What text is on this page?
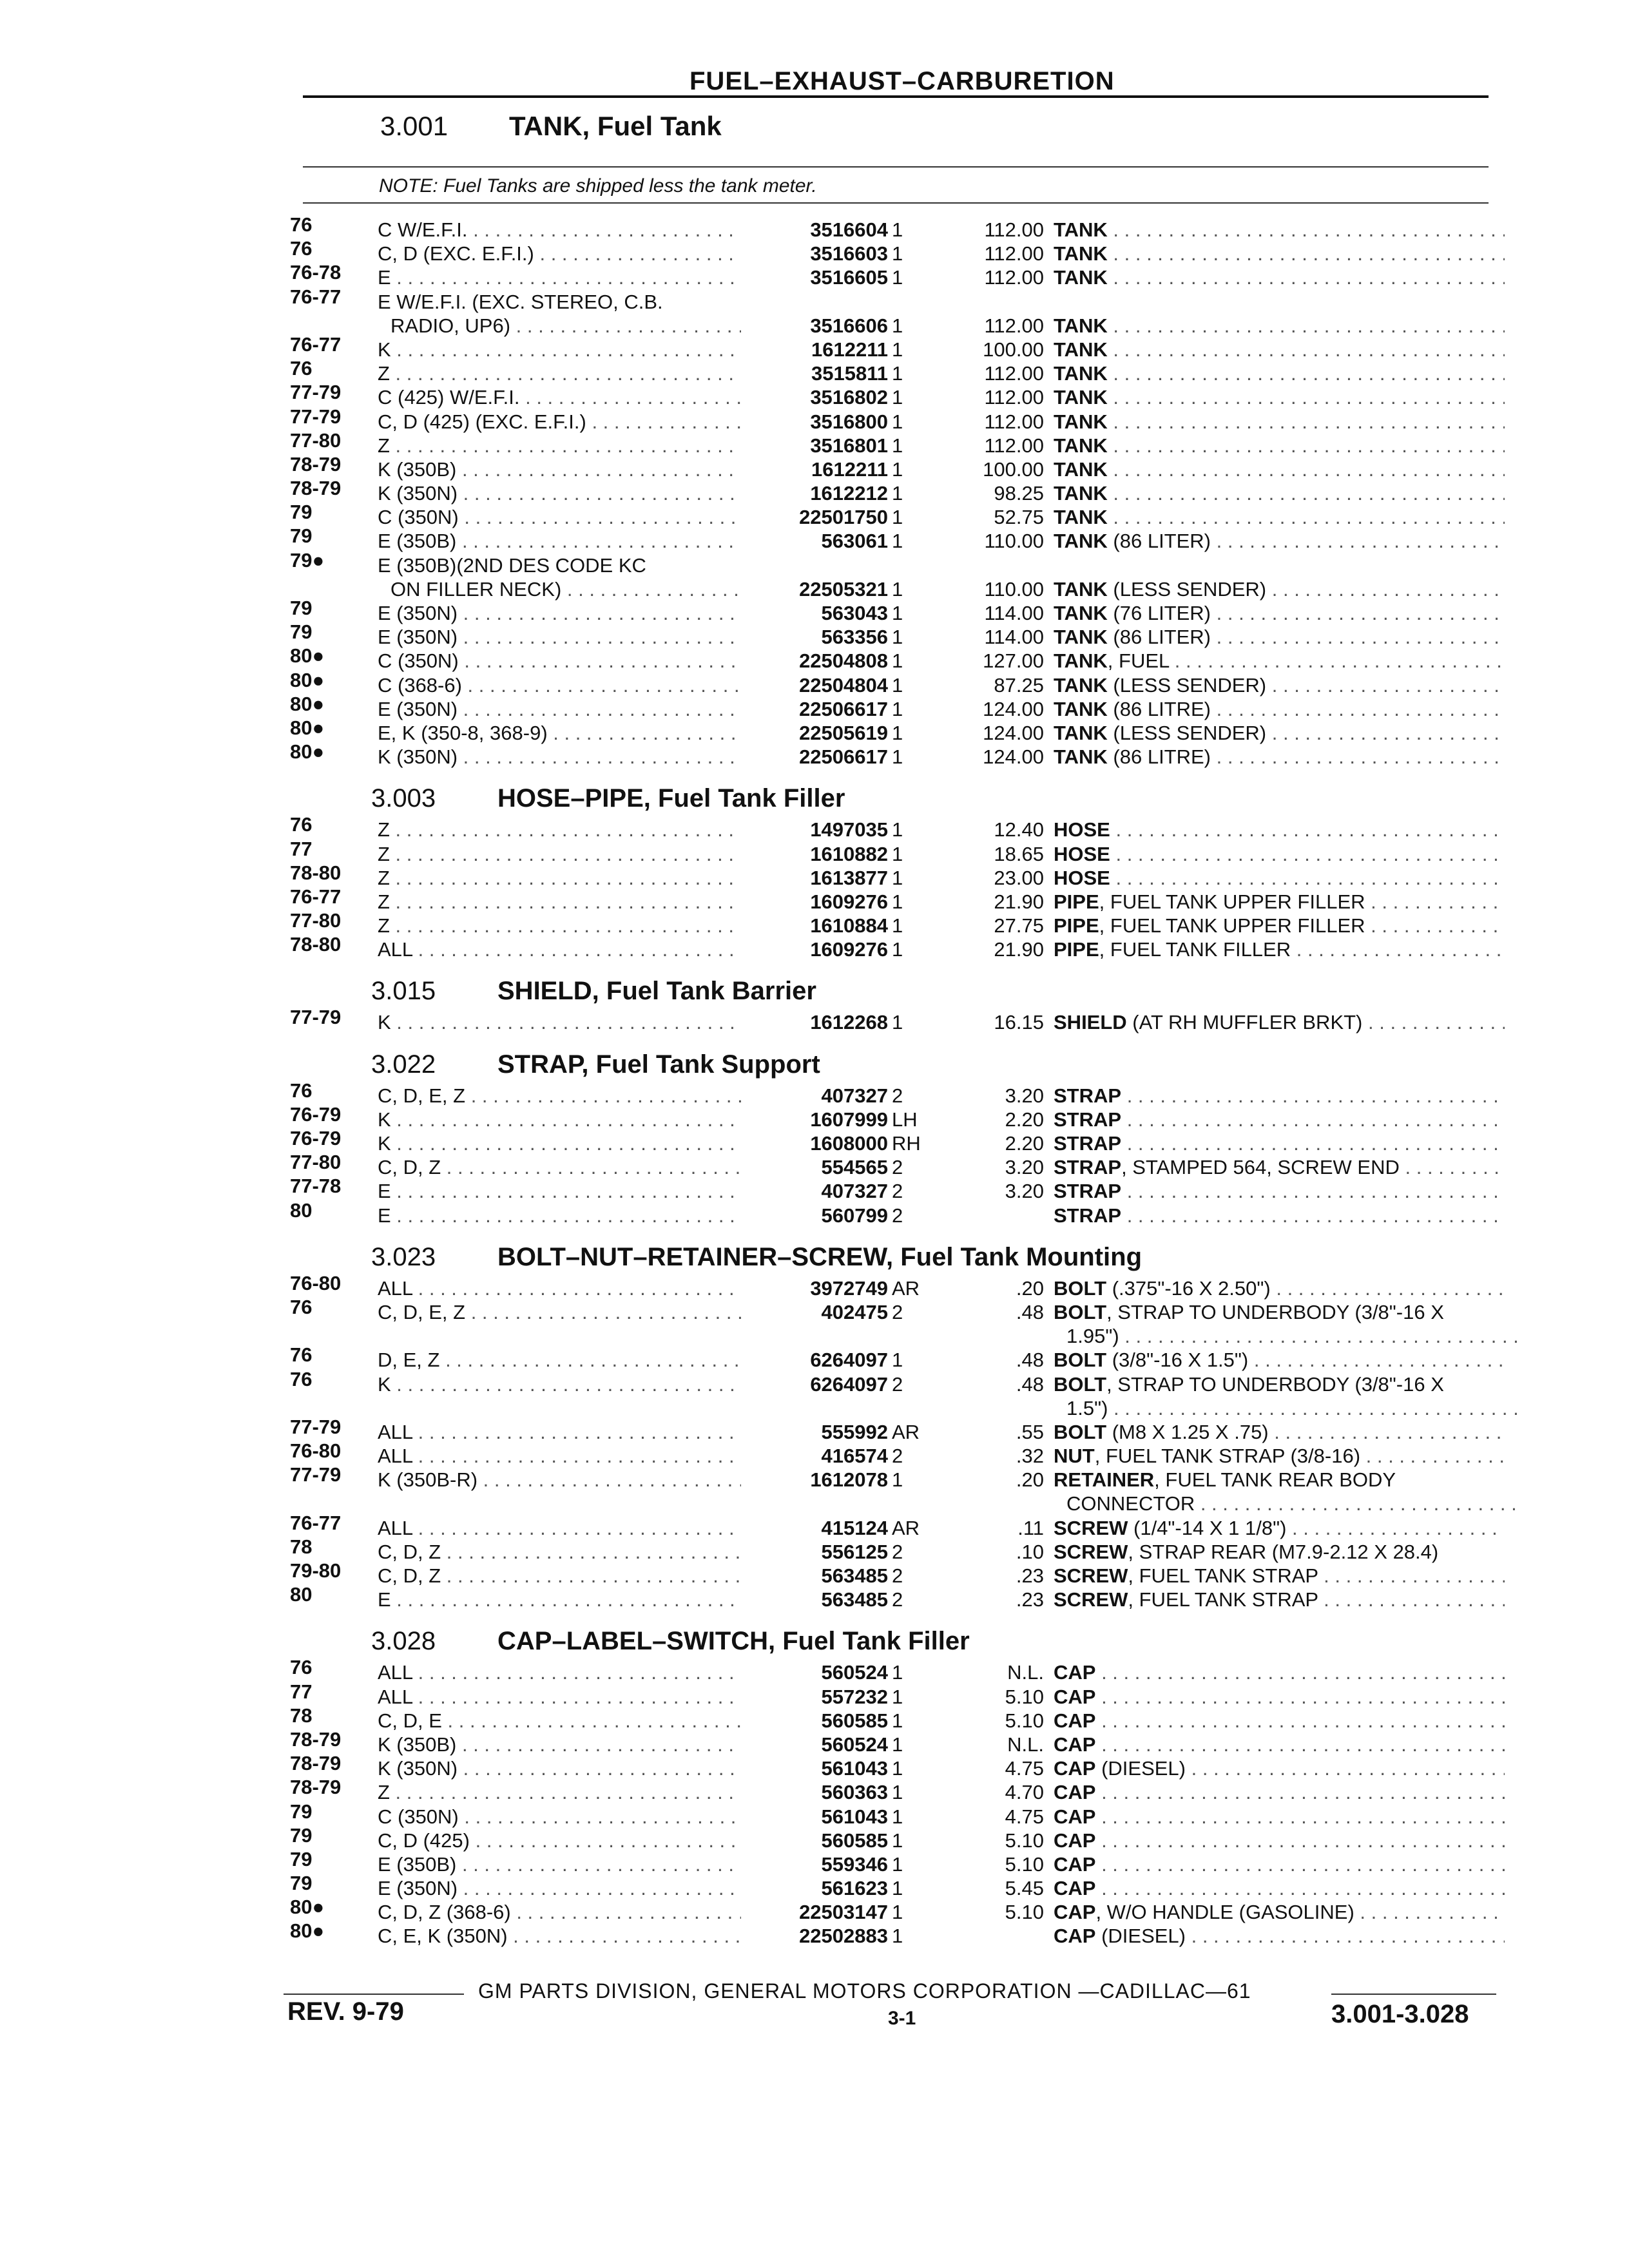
FUEL–EXHAUST–CARBURETION
3.001 TANK, Fuel Tank
NOTE: Fuel Tanks are shipped less the tank meter.
76	C W/E.F.I. . . .	3516604 1	112.00 TANK . . .
76	C, D (EXC. E.F.I.) . . .	3516603 1	112.00 TANK . . .
76-78	E . . .	3516605 1	112.00 TANK . . .
76-77	E W/E.F.I. (EXC. STEREO, C.B.
RADIO, UP6) . . .	3516606 1	112.00 TANK . . .
76-77	K . . .	1612211 1	100.00 TANK . . .
76	Z . . .	3515811 1	112.00 TANK . . .
77-79	C (425) W/E.F.I. . . .	3516802 1	112.00 TANK . . .
77-79	C, D (425) (EXC. E.F.I.) . . .	3516800 1	112.00 TANK . . .
77-80	Z . . .	3516801 1	112.00 TANK . . .
78-79	K (350B) . . .	1612211 1	100.00 TANK . . .
78-79	K (350N) . . .	1612212 1	98.25 TANK . . .
79	C (350N) . . .	22501750 1	52.75 TANK . . .
79	E (350B) . . .	563061 1	110.00 TANK (86 LITER) . . .
79●	E (350B)(2ND DES CODE KC
ON FILLER NECK) . . .	22505321 1	110.00 TANK (LESS SENDER) . . .
79	E (350N) . . .	563043 1	114.00 TANK (76 LITER) . . .
79	E (350N) . . .	563356 1	114.00 TANK (86 LITER) . . .
80●	C (350N) . . .	22504808 1	127.00 TANK, FUEL . . .
80●	C (368-6) . . .	22504804 1	87.25 TANK (LESS SENDER) . . .
80●	E (350N) . . .	22506617 1	124.00 TANK (86 LITRE) . . .
80●	E, K (350-8, 368-9) . . .	22505619 1	124.00 TANK (LESS SENDER) . . .
80●	K (350N) . . .	22506617 1	124.00 TANK (86 LITRE) . . .
3.003 HOSE–PIPE, Fuel Tank Filler
76	Z . . .	1497035 1	12.40 HOSE . . .
77	Z . . .	1610882 1	18.65 HOSE . . .
78-80	Z . . .	1613877 1	23.00 HOSE . . .
76-77	Z . . .	1609276 1	21.90 PIPE, FUEL TANK UPPER FILLER . . .
77-80	Z . . .	1610884 1	27.75 PIPE, FUEL TANK UPPER FILLER . . .
78-80	ALL . . .	1609276 1	21.90 PIPE, FUEL TANK FILLER . . .
3.015 SHIELD, Fuel Tank Barrier
77-79	K . . .	1612268 1	16.15 SHIELD (AT RH MUFFLER BRKT) . . .
3.022 STRAP, Fuel Tank Support
76	C, D, E, Z . . .	407327 2	3.20 STRAP . . .
76-79	K . . .	1607999 LH	2.20 STRAP . . .
76-79	K . . .	1608000 RH	2.20 STRAP . . .
77-80	C, D, Z . . .	554565 2	3.20 STRAP, STAMPED 564, SCREW END . . .
77-78	E . . .	407327 2	3.20 STRAP . . .
80	E . . .	560799 2	STRAP . . .
3.023 BOLT–NUT–RETAINER–SCREW, Fuel Tank Mounting
76-80	ALL . . .	3972749 AR	.20 BOLT (.375"-16 X 2.50") . . .
76	C, D, E, Z . . .	402475 2	.48 BOLT, STRAP TO UNDERBODY (3/8"-16 X
1.95") . . .
76	D, E, Z . . .	6264097 1	.48 BOLT (3/8"-16 X 1.5") . . .
76	K . . .	6264097 2	.48 BOLT, STRAP TO UNDERBODY (3/8"-16 X
1.5") . . .
77-79	ALL . . .	555992 AR	.55 BOLT (M8 X 1.25 X .75) . . .
76-80	ALL . . .	416574 2	.32 NUT, FUEL TANK STRAP (3/8-16) . . .
77-79	K (350B-R) . . .	1612078 1	.20 RETAINER, FUEL TANK REAR BODY
CONNECTOR . . .
76-77	ALL . . .	415124 AR	.11 SCREW (1/4"-14 X 1 1/8") . . .
78	C, D, Z . . .	556125 2	.10 SCREW, STRAP REAR (M7.9-2.12 X 28.4)
79-80	C, D, Z . . .	563485 2	.23 SCREW, FUEL TANK STRAP . . .
80	E . . .	563485 2	.23 SCREW, FUEL TANK STRAP . . .
3.028 CAP–LABEL–SWITCH, Fuel Tank Filler
76	ALL . . .	560524 1	N.L. CAP . . .
77	ALL . . .	557232 1	5.10 CAP . . .
78	C, D, E . . .	560585 1	5.10 CAP . . .
78-79	K (350B) . . .	560524 1	N.L. CAP . . .
78-79	K (350N) . . .	561043 1	4.75 CAP (DIESEL) . . .
78-79	Z . . .	560363 1	4.70 CAP . . .
79	C (350N) . . .	561043 1	4.75 CAP . . .
79	C, D (425) . . .	560585 1	5.10 CAP . . .
79	E (350B) . . .	559346 1	5.10 CAP . . .
79	E (350N) . . .	561623 1	5.45 CAP . . .
80●	C, D, Z (368-6) . . .	22503147 1	5.10 CAP, W/O HANDLE (GASOLINE) . . .
80●	C, E, K (350N) . . .	22502883 1	CAP (DIESEL) . . .
GM PARTS DIVISION, GENERAL MOTORS CORPORATION —CADILLAC—61
REV. 9-79	3-1	3.001-3.028
